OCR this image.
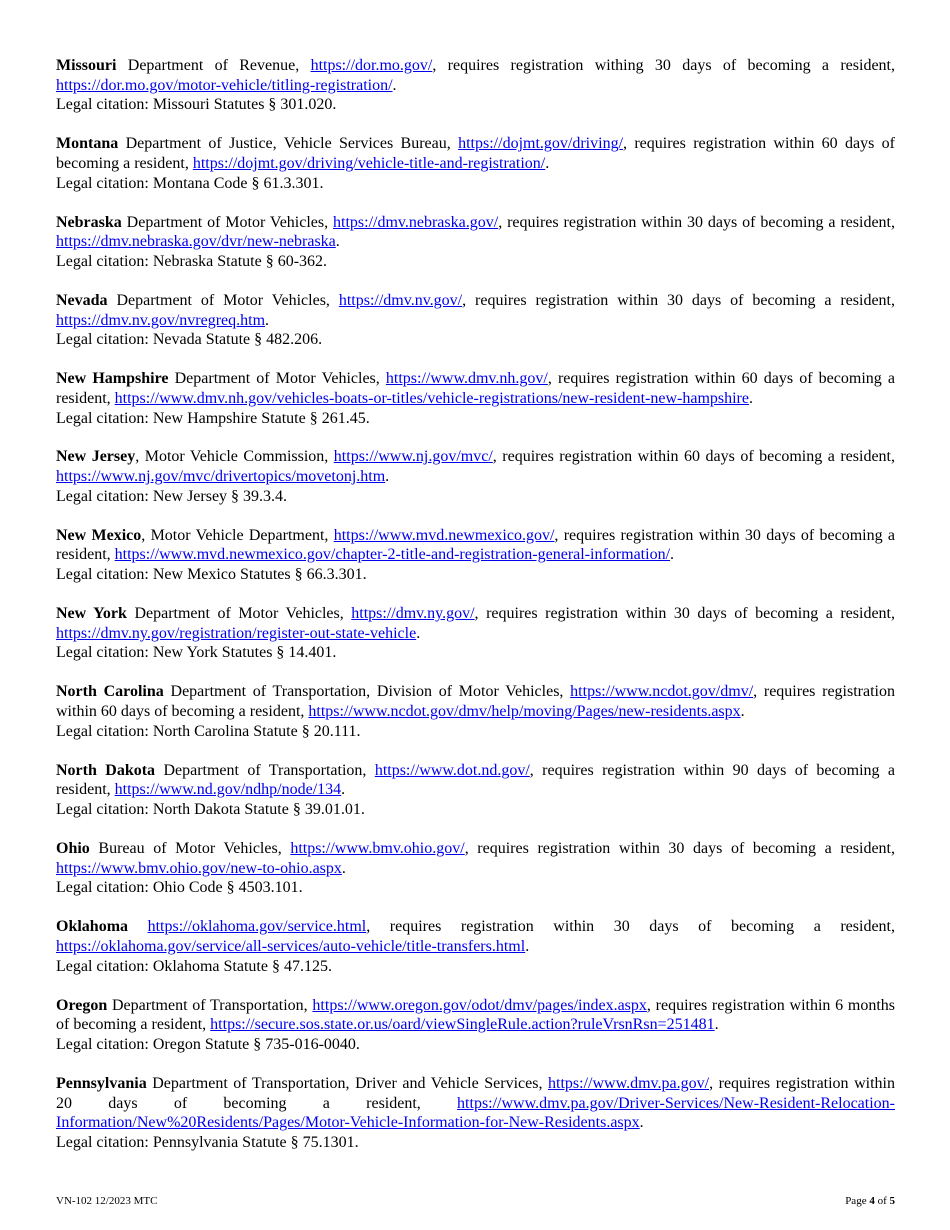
Missouri Department of Revenue, https://dor.mo.gov/, requires registration withing 30 days of becoming a resident, https://dor.mo.gov/motor-vehicle/titling-registration/.

Legal citation: Missouri Statutes § 301.020.

Montana Department of Justice, Vehicle Services Bureau, https://dojmt.gov/driving/, requires registration within 60 days of becoming a resident, https://dojmt.gov/driving/vehicle-title-and-registration/.

Legal citation: Montana Code § 61.3.301.

Nebraska Department of Motor Vehicles, https://dmv.nebraska.gov/, requires registration within 30 days of becoming a resident, https://dmv.nebraska.gov/dvr/new-nebraska.

Legal citation: Nebraska Statute § 60-362.

Nevada Department of Motor Vehicles, https://dmv.nv.gov/, requires registration within 30 days of becoming a resident, https://dmv.nv.gov/nvregreq.htm.

Legal citation: Nevada Statute § 482.206.

New Hampshire Department of Motor Vehicles, https://www.dmv.nh.gov/, requires registration within 60 days of becoming a resident, https://www.dmv.nh.gov/vehicles-boats-or-titles/vehicle-registrations/new-resident-new-hampshire.

Legal citation: New Hampshire Statute § 261.45.

New Jersey, Motor Vehicle Commission, https://www.nj.gov/mvc/, requires registration within 60 days of becoming a resident, https://www.nj.gov/mvc/drivertopics/movetonj.htm.

Legal citation: New Jersey § 39.3.4.

New Mexico, Motor Vehicle Department, https://www.mvd.newmexico.gov/, requires registration within 30 days of becoming a resident, https://www.mvd.newmexico.gov/chapter-2-title-and-registration-general-information/.

Legal citation: New Mexico Statutes § 66.3.301.

New York Department of Motor Vehicles, https://dmv.ny.gov/, requires registration within 30 days of becoming a resident, https://dmv.ny.gov/registration/register-out-state-vehicle.

Legal citation: New York Statutes § 14.401.

North Carolina Department of Transportation, Division of Motor Vehicles, https://www.ncdot.gov/dmv/, requires registration within 60 days of becoming a resident, https://www.ncdot.gov/dmv/help/moving/Pages/new-residents.aspx.

Legal citation: North Carolina Statute § 20.111.

North Dakota Department of Transportation, https://www.dot.nd.gov/, requires registration within 90 days of becoming a resident, https://www.nd.gov/ndhp/node/134.

Legal citation: North Dakota Statute § 39.01.01.

Ohio Bureau of Motor Vehicles, https://www.bmv.ohio.gov/, requires registration within 30 days of becoming a resident, https://www.bmv.ohio.gov/new-to-ohio.aspx.

Legal citation: Ohio Code § 4503.101.

Oklahoma https://oklahoma.gov/service.html, requires registration within 30 days of becoming a resident, https://oklahoma.gov/service/all-services/auto-vehicle/title-transfers.html.

Legal citation: Oklahoma Statute § 47.125.

Oregon Department of Transportation, https://www.oregon.gov/odot/dmv/pages/index.aspx, requires registration within 6 months of becoming a resident, https://secure.sos.state.or.us/oard/viewSingleRule.action?ruleVrsnRsn=251481.

Legal citation: Oregon Statute § 735-016-0040.

Pennsylvania Department of Transportation, Driver and Vehicle Services, https://www.dmv.pa.gov/, requires registration within 20 days of becoming a resident, https://www.dmv.pa.gov/Driver-Services/New-Resident-Relocation-Information/New%20Residents/Pages/Motor-Vehicle-Information-for-New-Residents.aspx.

Legal citation: Pennsylvania Statute § 75.1301.

VN-102 12/2023 MTC	Page 4 of 5
